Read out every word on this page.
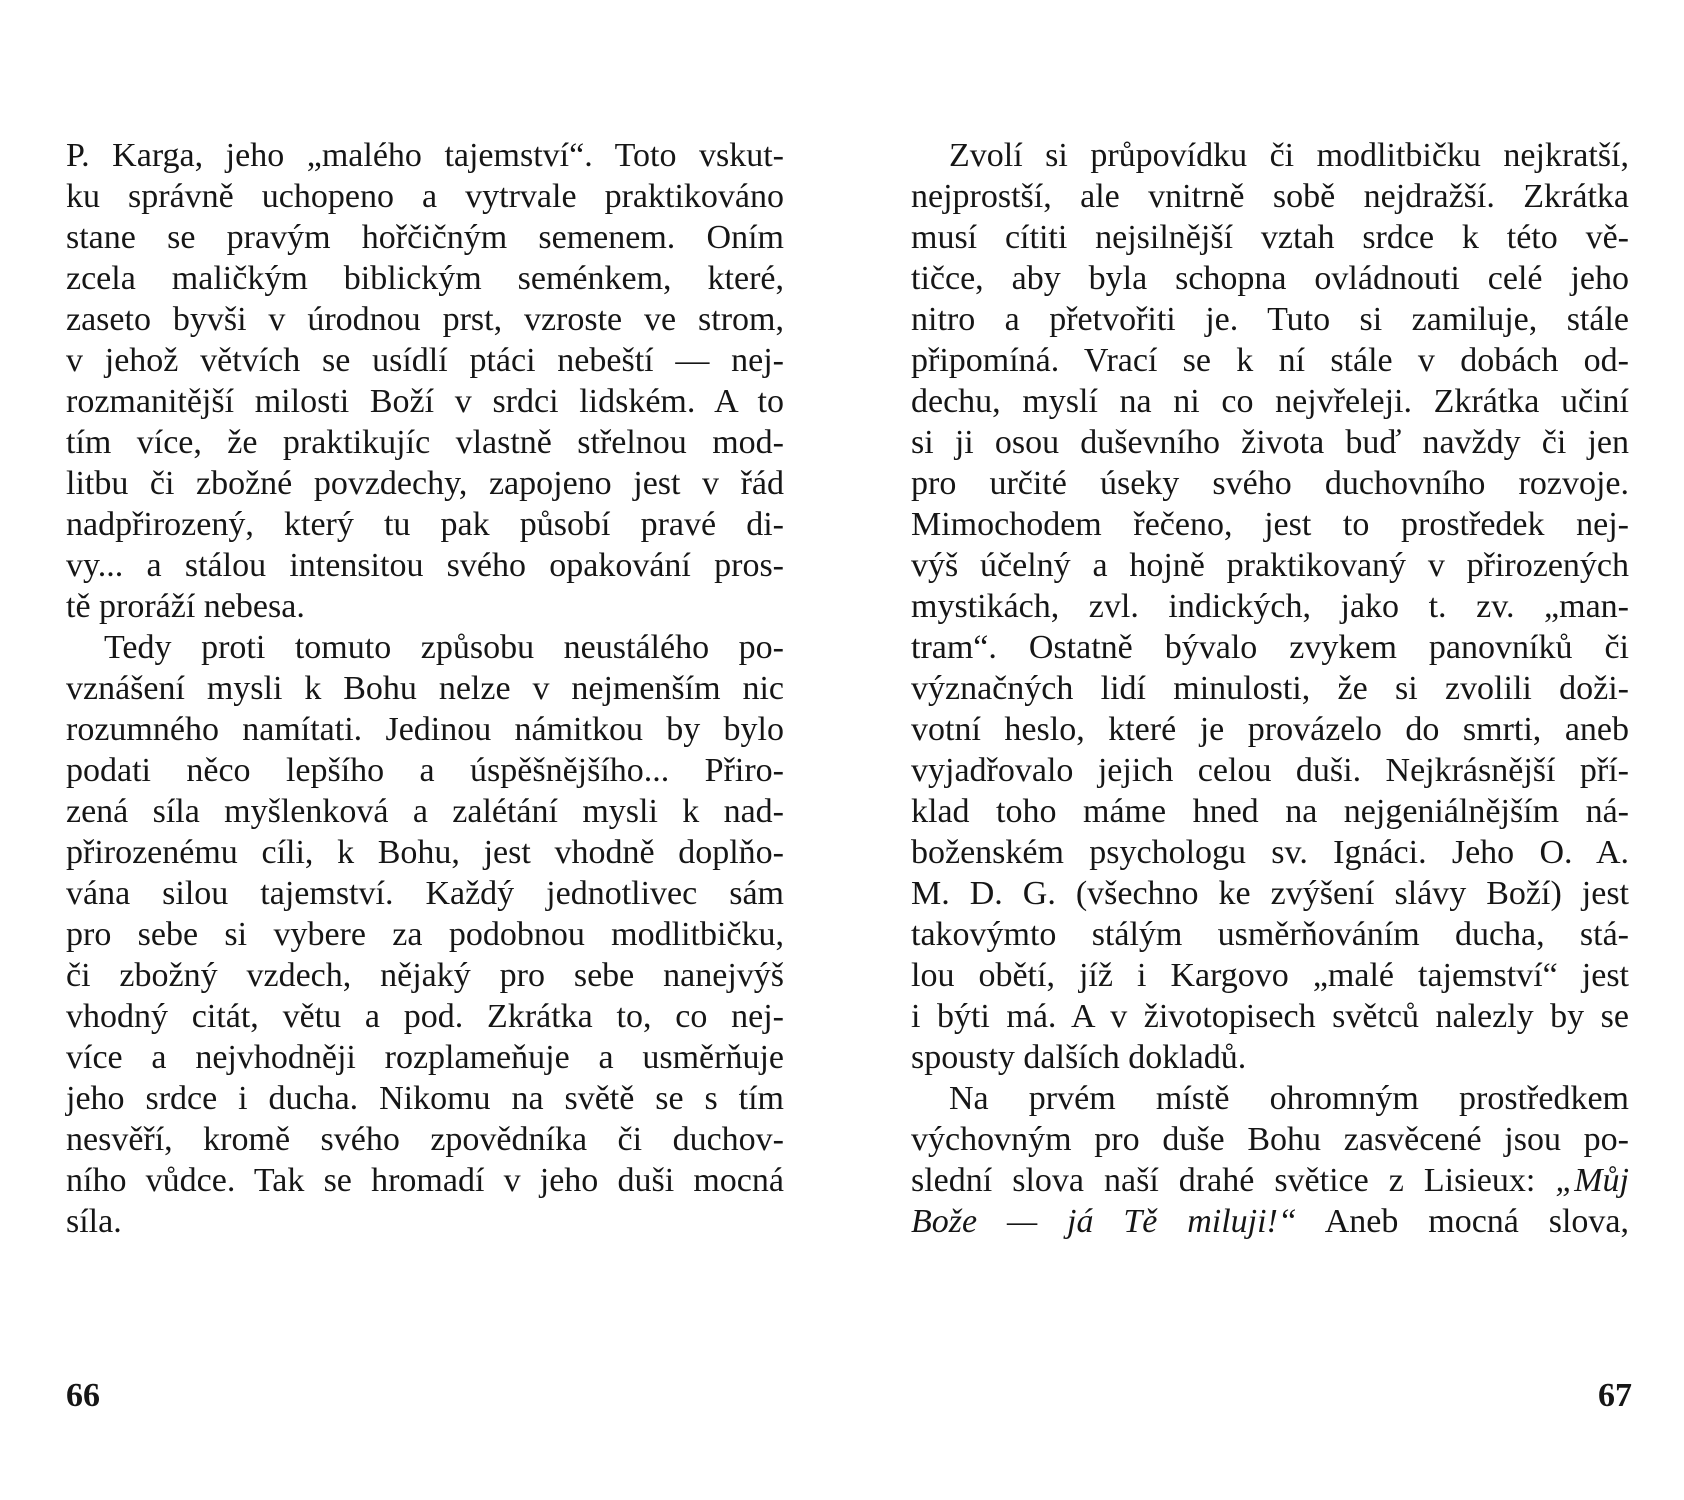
P. Karga, jeho „malého tajemství“. Toto vskut-
ku správně uchopeno a vytrvale praktikováno
stane se pravým hořčičným semenem. Oním
zcela maličkým biblickým seménkem, které,
zaseto byvši v úrodnou prst, vzroste ve strom,
v jehož větvích se usídlí ptáci nebeští — nej-
rozmanitější milosti Boží v srdci lidském. A to
tím více, že praktikujíc vlastně střelnou mod-
litbu či zbožné povzdechy, zapojeno jest v řád
nadpřirozený, který tu pak působí pravé di-
vy... a stálou intensitou svého opakování pros-
tě proráží nebesa.
Tedy proti tomuto způsobu neustálého po-
vznášení mysli k Bohu nelze v nejmenším nic
rozumného namítati. Jedinou námitkou by bylo
podati něco lepšího a úspěšnějšího... Přiro-
zená síla myšlenková a zalétání mysli k nad-
přirozenému cíli, k Bohu, jest vhodně doplňo-
vána silou tajemství. Každý jednotlivec sám
pro sebe si vybere za podobnou modlitbičku,
či zbožný vzdech, nějaký pro sebe nanejvýš
vhodný citát, větu a pod. Zkrátka to, co nej-
více a nejvhodněji rozplameňuje a usměrňuje
jeho srdce i ducha. Nikomu na světě se s tím
nesvěří, kromě svého zpovědníka či duchov-
ního vůdce. Tak se hromadí v jeho duši mocná
síla.
66
Zvolí si průpovídku či modlitbičku nejkratší,
nejprostší, ale vnitrně sobě nejdražší. Zkrátka
musí cítiti nejsilnější vztah srdce k této vě-
tičce, aby byla schopna ovládnouti celé jeho
nitro a přetvořiti je. Tuto si zamiluje, stále
připomíná. Vrací se k ní stále v dobách od-
dechu, myslí na ni co nejvřeleji. Zkrátka učiní
si ji osou duševního života buď navždy či jen
pro určité úseky svého duchovního rozvoje.
Mimochodem řečeno, jest to prostředek nej-
výš účelný a hojně praktikovaný v přirozených
mystikách, zvl. indických, jako t. zv. „man-
tram“. Ostatně bývalo zvykem panovníků či
význačných lidí minulosti, že si zvolili doži-
votní heslo, které je provázelo do smrti, aneb
vyjadřovalo jejich celou duši. Nejkrásnější pří-
klad toho máme hned na nejgeniálnějším ná-
boženském psychologu sv. Ignáci. Jeho O. A.
M. D. G. (všechno ke zvýšení slávy Boží) jest
takovýmto stálým usměrňováním ducha, stá-
lou obětí, jíž i Kargovo „malé tajemství“ jest
i býti má. A v životopisech světců nalezly by se
spousty dalších dokladů.
Na prvém místě ohromným prostředkem
výchovným pro duše Bohu zasvěcené jsou po-
slední slova naší drahé světice z Lisieux: „Můj
Bože — já Tě miluji!“ Aneb mocná slova,
67
